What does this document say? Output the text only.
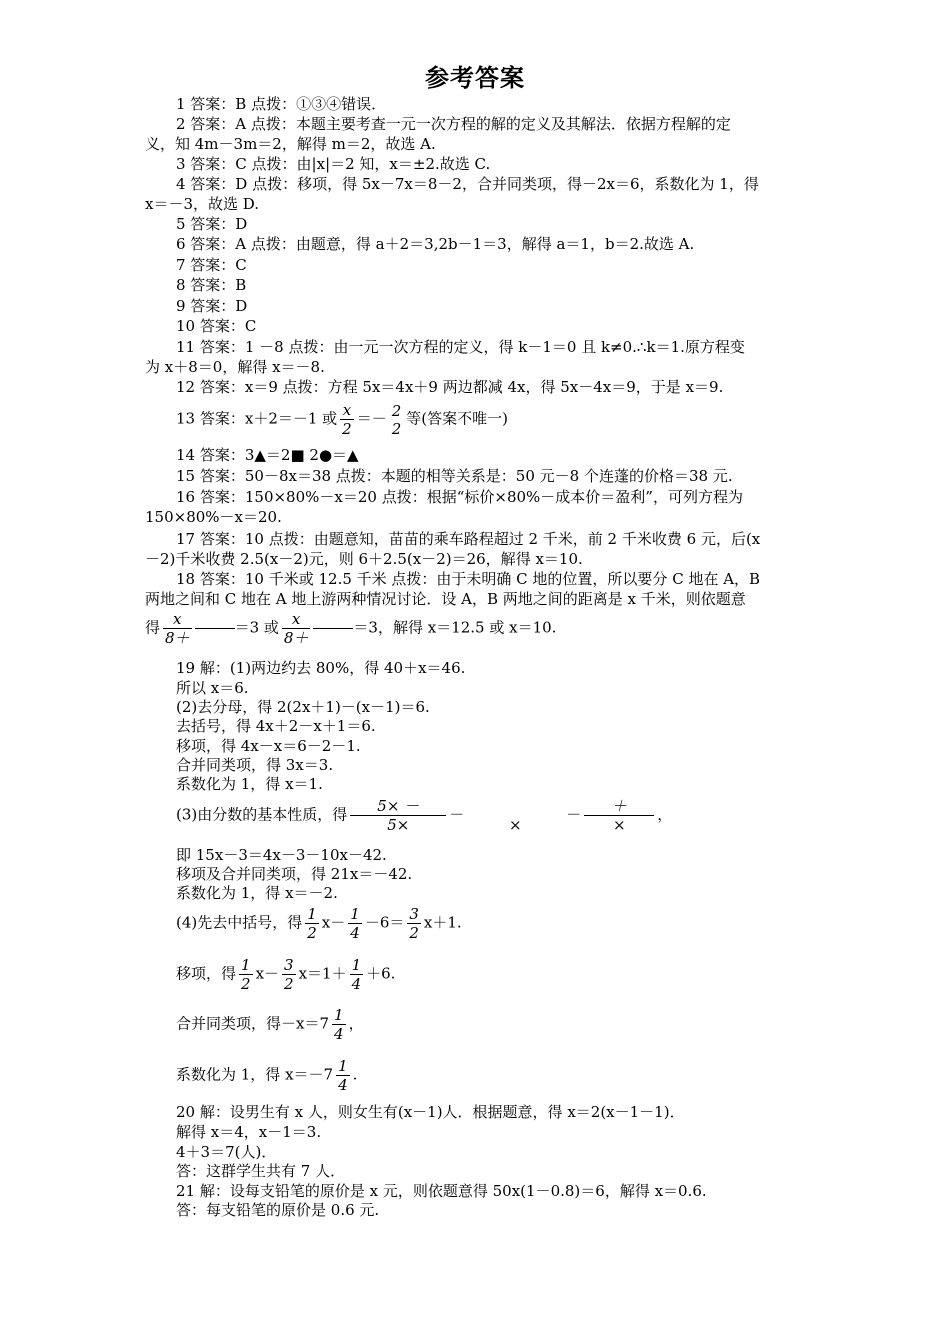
参考答案
1 答案：B 点拨：①③④错误．
2 答案：A 点拨：本题主要考查一元一次方程的解的定义及其解法．依据方程解的定
义，知 4m－3m＝2，解得 m＝2，故选 A.
3 答案：C 点拨：由|x|＝2 知，x＝±2.故选 C.
4 答案：D 点拨：移项，得 5x－7x＝8－2，合并同类项，得－2x＝6，系数化为 1，得
x＝－3，故选 D.
5 答案：D
6 答案：A 点拨：由题意，得 a＋2＝3,2b－1＝3，解得 a＝1，b＝2.故选 A.
7 答案：C
8 答案：B
9 答案：D
10 答案：C
11 答案：1 －8 点拨：由一元一次方程的定义，得 k－1＝0 且 k≠0.∴k＝1.原方程变
为 x＋8＝0，解得 x＝－8.
12 答案：x＝9 点拨：方程 5x＝4x＋9 两边都减 4x，得 5x－4x＝9，于是 x＝9.
13 答案：x＋2＝－1 或 $\frac{x}{2} =- 2$
2
等(答案不唯一)
14 答案：3▲＝2■ 2●＝▲
15 答案：50－8x＝38 点拨：本题的相等关系是：50 元－8 个连蓬的价格＝38 元.
16 答案：150×80%－x＝20 点拨：根据“标价×80%－成本价＝盈利”，可列方程为
150×80%－x＝20.
17 答案：10 点拨：由题意知，苗苗的乘车路程超过 2 千米，前 2 千米收费 6 元，后(x
－2)千米收费 2.5(x－2)元，则 6＋2.5(x－2)＝26，解得 x＝10.
18 答案：10 千米或 12.5 千米 点拨：由于未明确 C 地的位置，所以要分 C 地在 A，B
两地之间和 C 地在 A 地上游两种情况讨论．设 A，B 两地之间的距离是 x 千米，则依题意
得 $\frac{x}{8+}$	＝3 或 $\frac{x}{8+}$	＝3，解得 x＝12.5 或 x＝10.
19 解：(1)两边约去 80%，得 40＋x＝46.
所以 x＝6.
(2)去分母，得 2(2x＋1)－(x－1)＝6.
去括号，得 4x＋2－x＋1＝6.
移项，得 4x－x＝6－2－1.
合并同类项，得 3x＝3.
系数化为 1，得 x＝1.
(3)由分数的基本性质，得 $\frac{5\times -}{5\times}$ －

×
－ $\frac{+}{\times}$ ，
即 15x－3＝4x－3－10x－42.
移项及合并同类项，得 21x＝－42.
系数化为 1，得 x＝－2.
(4)先去中括号，得 $\frac{1}{2} x- \frac{1}{4} -6= \frac{3}{2} x+1$.
移项，得 $\frac{1}{2} x- \frac{3}{2} x=1+ \frac{1}{4} +6$.
合并同类项，得$-x=7 \frac{1}{4}$ ，
系数化为 1，得 $x=-7 \frac{1}{4}$ .
20 解：设男生有 x 人，则女生有(x－1)人．根据题意，得 x＝2(x－1－1)．
解得 x＝4，x－1＝3.
4＋3＝7(人)．
答：这群学生共有 7 人．
21 解：设每支铅笔的原价是 x 元，则依题意得 50x(1－0.8)＝6，解得 x＝0.6.
答：每支铅笔的原价是 0.6 元.
